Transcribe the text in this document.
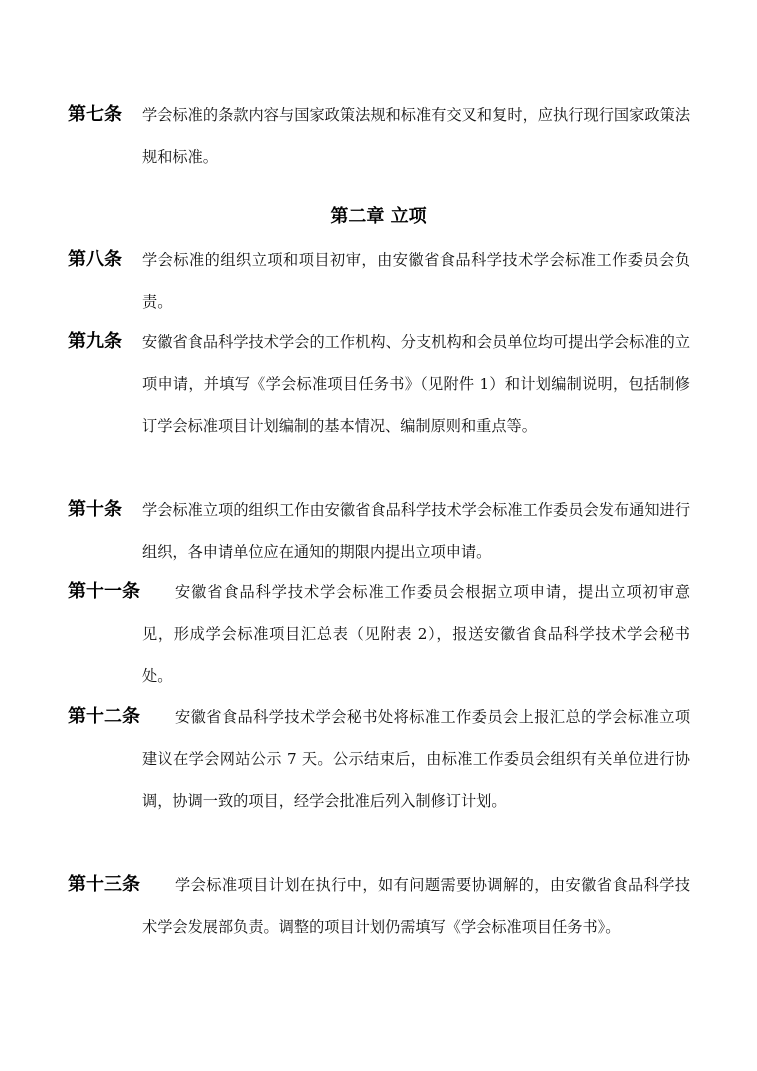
第七条 学会标准的条款内容与国家政策法规和标准有交叉和复时，应执行现行国家政策法规和标准。
第二章 立项
第八条 学会标准的组织立项和项目初审，由安徽省食品科学技术学会标准工作委员会负责。
第九条 安徽省食品科学技术学会的工作机构、分支机构和会员单位均可提出学会标准的立项申请，并填写《学会标准项目任务书》（见附件 1）和计划编制说明，包括制修订学会标准项目计划编制的基本情况、编制原则和重点等。
第十条 学会标准立项的组织工作由安徽省食品科学技术学会标准工作委员会发布通知进行组织，各申请单位应在通知的期限内提出立项申请。
第十一条	安徽省食品科学技术学会标准工作委员会根据立项申请，提出立项初审意见，形成学会标准项目汇总表（见附表 2），报送安徽省食品科学技术学会秘书处。
第十二条	安徽省食品科学技术学会秘书处将标准工作委员会上报汇总的学会标准立项建议在学会网站公示 7 天。公示结束后，由标准工作委员会组织有关单位进行协调，协调一致的项目，经学会批准后列入制修订计划。
第十三条	学会标准项目计划在执行中，如有问题需要协调解的，由安徽省食品科学技术学会发展部负责。调整的项目计划仍需填写《学会标准项目任务书》。
